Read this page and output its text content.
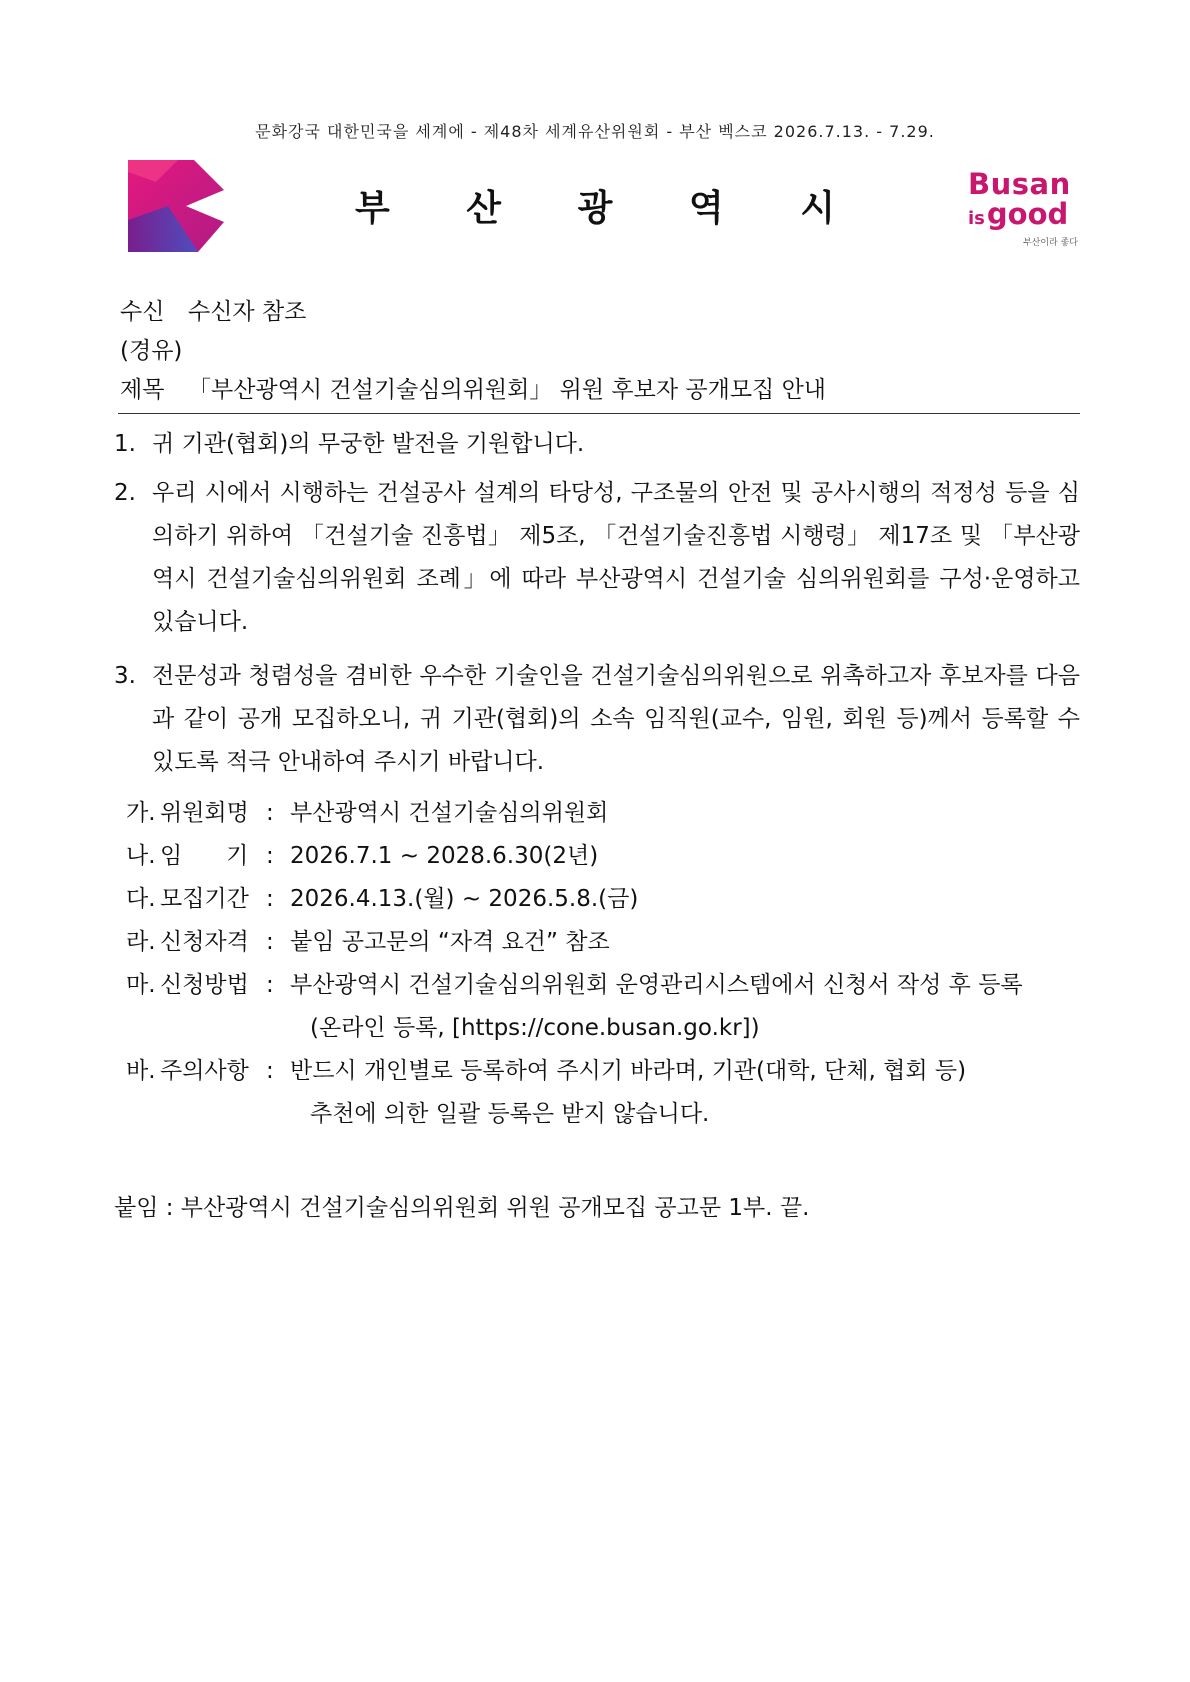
문화강국 대한민국을 세계에 - 제48차 세계유산위원회 - 부산 벡스코 2026.7.13. - 7.29.
부 산 광 역 시
Busan
isgood
부산이라 좋다
수신 수신자 참조
(경유)
제목 「부산광역시 건설기술심의위원회」 위원 후보자 공개모집 안내
1. 귀 기관(협회)의 무궁한 발전을 기원합니다.
2. 우리 시에서 시행하는 건설공사 설계의 타당성, 구조물의 안전 및 공사시행의 적정성 등을 심의하기 위하여 「건설기술 진흥법」 제5조, 「건설기술진흥법 시행령」 제17조 및 「부산광역시 건설기술심의위원회 조례」에 따라 부산광역시 건설기술 심의위원회를 구성·운영하고 있습니다.
3. 전문성과 청렴성을 겸비한 우수한 기술인을 건설기술심의위원으로 위촉하고자 후보자를 다음과 같이 공개 모집하오니, 귀 기관(협회)의 소속 임직원(교수, 임원, 회원 등)께서 등록할 수 있도록 적극 안내하여 주시기 바랍니다.
가. 위원회명 : 부산광역시 건설기술심의위원회
나. 임      기 : 2026.7.1 ~ 2028.6.30(2년)
다. 모집기간 : 2026.4.13.(월) ~ 2026.5.8.(금)
라. 신청자격 : 붙임 공고문의 “자격 요건” 참조
마. 신청방법 : 부산광역시 건설기술심의위원회 운영관리시스템에서 신청서 작성 후 등록
(온라인 등록, [https://cone.busan.go.kr])
바. 주의사항 : 반드시 개인별로 등록하여 주시기 바라며, 기관(대학, 단체, 협회 등)
추천에 의한 일괄 등록은 받지 않습니다.
붙임 : 부산광역시 건설기술심의위원회 위원 공개모집 공고문 1부. 끝.
